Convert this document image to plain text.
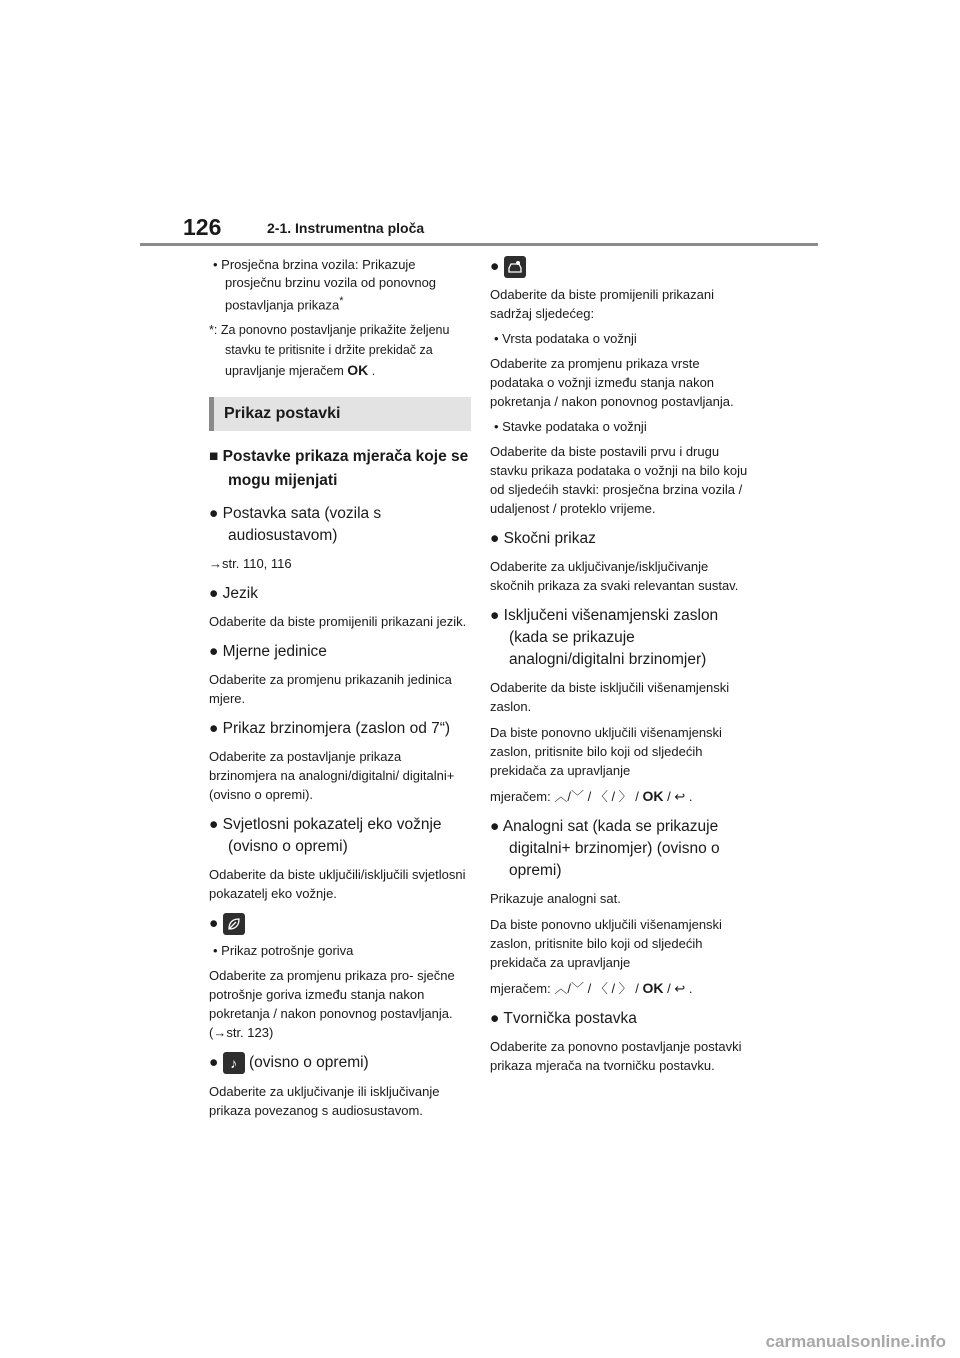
126	2-1. Instrumentna ploča
• Prosječna brzina vozila: Prikazuje prosječnu brzinu vozila od ponovnog postavljanja prikaza*
*: Za ponovno postavljanje prikažite željenu stavku te pritisnite i držite prekidač za upravljanje mjeračem OK .
Prikaz postavki
■ Postavke prikaza mjerača koje se mogu mijenjati
● Postavka sata (vozila s audiosustavom)
→str. 110, 116
● Jezik
Odaberite da biste promijenili prikazani jezik.
● Mjerne jedinice
Odaberite za promjenu prikazanih jedinica mjere.
● Prikaz brzinomjera (zaslon od 7“)
Odaberite za postavljanje prikaza brzinomjera na analogni/digitalni/ digitalni+ (ovisno o opremi).
● Svjetlosni pokazatelj eko vožnje (ovisno o opremi)
Odaberite da biste uključili/isključili svjetlosni pokazatelj eko vožnje.
●
• Prikaz potrošnje goriva
Odaberite za promjenu prikaza pro- sječne potrošnje goriva između stanja nakon pokretanja / nakon ponovnog postavljanja. (→str. 123)
● ♪ (ovisno o opremi)
Odaberite za uključivanje ili isključivanje prikaza povezanog s audiosustavom.
●
Odaberite da biste promijenili prikazani sadržaj sljedećeg:
• Vrsta podataka o vožnji
Odaberite za promjenu prikaza vrste podataka o vožnji između stanja nakon pokretanja / nakon ponovnog postavljanja.
• Stavke podataka o vožnji
Odaberite da biste postavili prvu i drugu stavku prikaza podataka o vožnji na bilo koju od sljedećih stavki: prosječna brzina vozila / udaljenost / proteklo vrijeme.
● Skočni prikaz
Odaberite za uključivanje/isključivanje skočnih prikaza za svaki relevantan sustav.
● Isključeni višenamjenski zaslon (kada se prikazuje analogni/digitalni brzinomjer)
Odaberite da biste isključili višenamjenski zaslon.
Da biste ponovno uključili višenamjenski zaslon, pritisnite bilo koji od sljedećih prekidača za upravljanje
mjeračem: ︿/﹀ / 〈 / 〉 / OK / ↩ .
● Analogni sat (kada se prikazuje digitalni+ brzinomjer) (ovisno o opremi)
Prikazuje analogni sat.
Da biste ponovno uključili višenamjenski zaslon, pritisnite bilo koji od sljedećih prekidača za upravljanje
mjeračem: ︿/﹀ / 〈 / 〉 / OK / ↩ .
● Tvornička postavka
Odaberite za ponovno postavljanje postavki prikaza mjerača na tvorničku postavku.
carmanualsonline.info
